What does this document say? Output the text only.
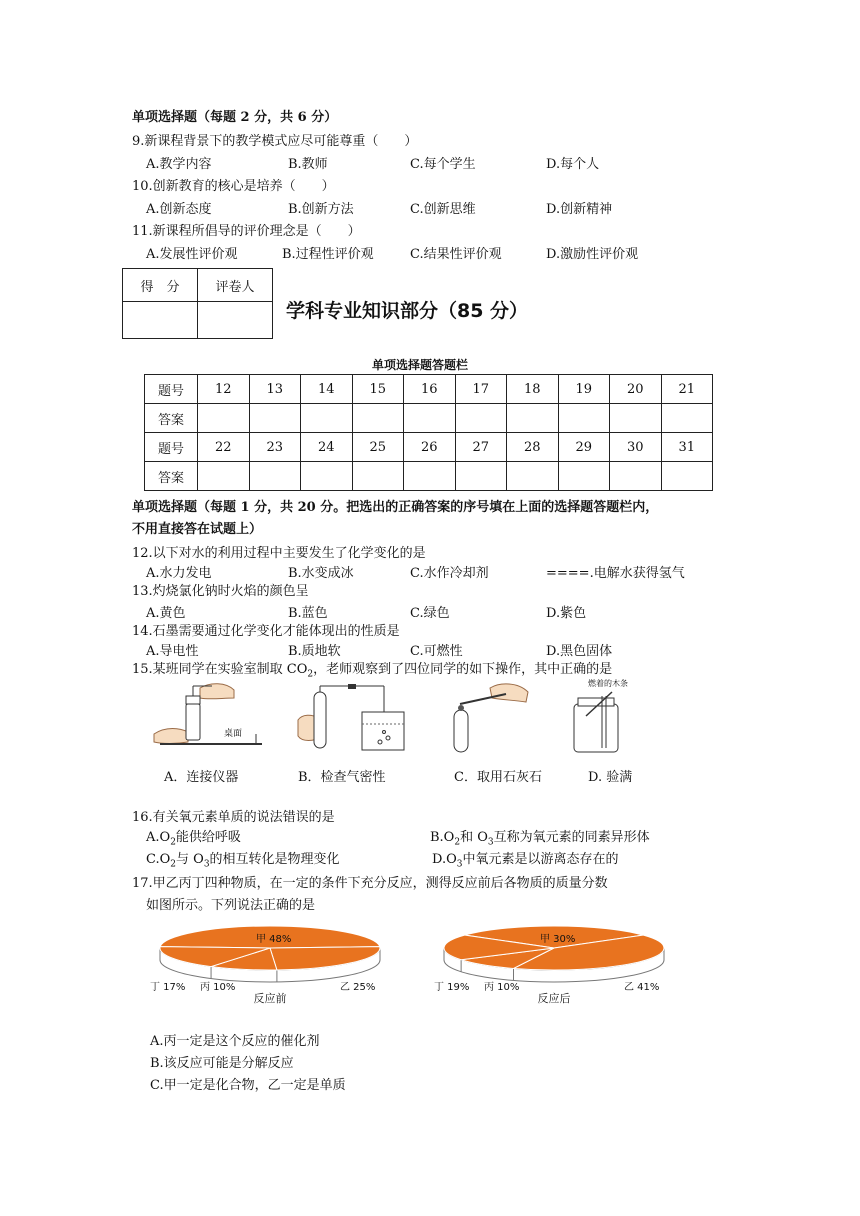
单项选择题（每题 2 分，共 6 分）
9.新课程背景下的教学模式应尽可能尊重（　　）
A.教学内容	B.教师	C.每个学生	D.每个人
10.创新教育的核心是培养（　　）
A.创新态度	B.创新方法	C.创新思维	D.创新精神
11.新课程所倡导的评价理念是（　　）
A.发展性评价观	B.过程性评价观	C.结果性评价观	D.激励性评价观
得　分	评卷人

学科专业知识部分（85 分）
单项选择题答题栏
题号	12	13	14	15	16	17	18	19	20	21
答案										
题号	22	23	24	25	26	27	28	29	30	31
答案										
单项选择题（每题 1 分，共 20 分。把选出的正确答案的序号填在上面的选择题答题栏内，
不用直接答在试题上）
12.以下对水的利用过程中主要发生了化学变化的是
A.水力发电	B.水变成冰	C.水作冷却剂	====.电解水获得氢气
13.灼烧氯化钠时火焰的颜色呈
A.黄色	B.蓝色	C.绿色	D.紫色
14.石墨需要通过化学变化才能体现出的性质是
A.导电性	B.质地软	C.可燃性	D.黑色固体
15.某班同学在实验室制取 $CO_2$，老师观察到了四位同学的如下操作，其中正确的是
桌面
燃着的木条
A．连接仪器	B．检查气密性	C．取用石灰石	D. 验满
16.有关氧元素单质的说法错误的是
$A.O_2$能供给呼吸	$B.O_2$和 $O_3$互称为氧元素的同素异形体
$C.O_2$与 $O_3$的相互转化是物理变化	$D.O_3$中氧元素是以游离态存在的
17.甲乙丙丁四种物质，在一定的条件下充分反应，测得反应前后各物质的质量分数
如图所示。下列说法正确的是
甲 48%
乙 25%
丙 10%
丁 17%
反应前
甲 30%
乙 41%
丙 10%
丁 19%
反应后
A.丙一定是这个反应的催化剂
B.该反应可能是分解反应
C.甲一定是化合物，乙一定是单质
